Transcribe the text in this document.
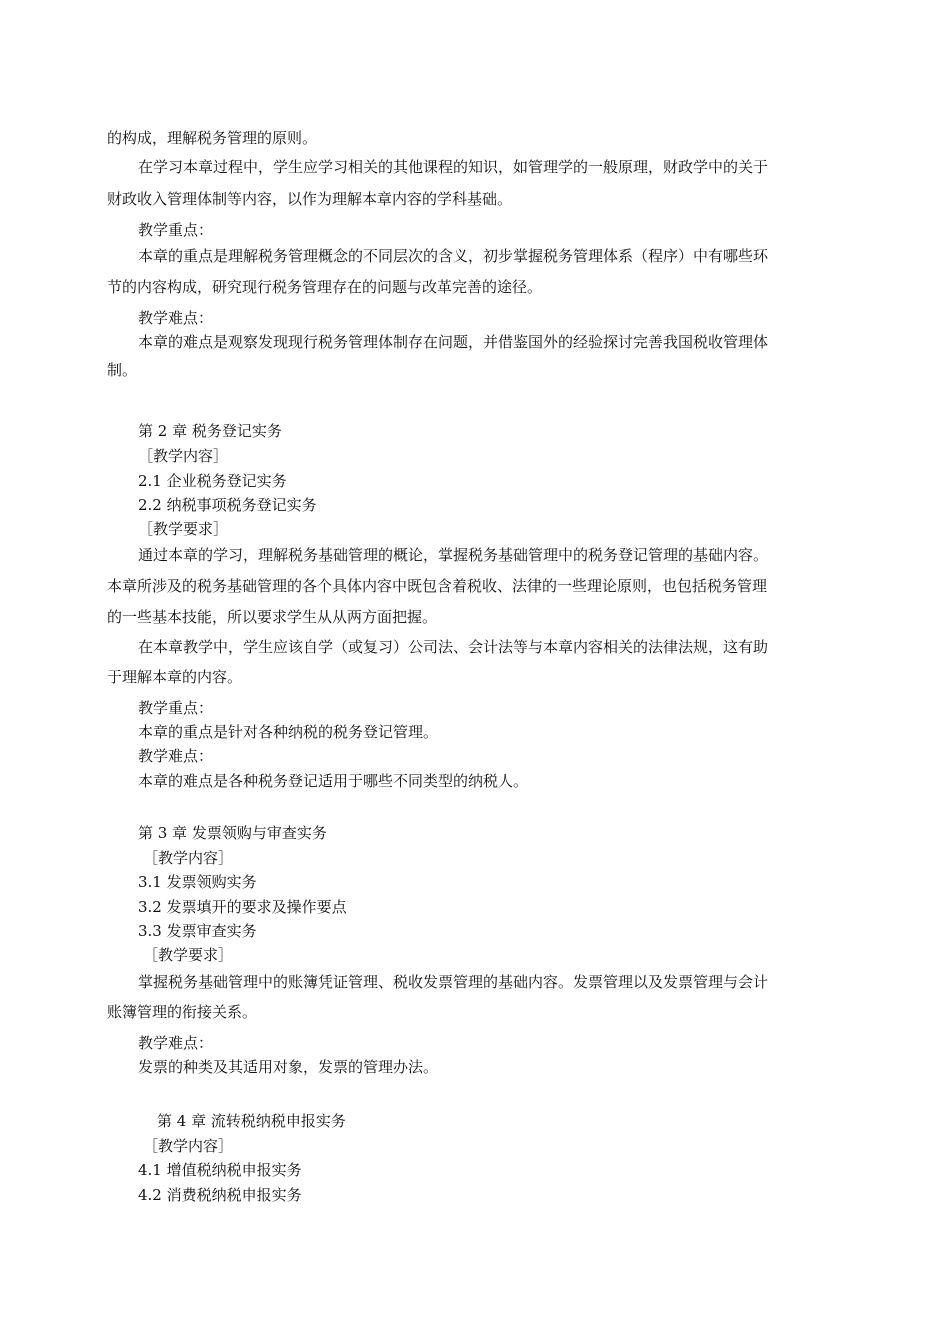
的构成，理解税务管理的原则。
在学习本章过程中，学生应学习相关的其他课程的知识，如管理学的一般原理，财政学中的关于
财政收入管理体制等内容，以作为理解本章内容的学科基础。
教学重点：
本章的重点是理解税务管理概念的不同层次的含义，初步掌握税务管理体系（程序）中有哪些环
节的内容构成，研究现行税务管理存在的问题与改革完善的途径。
教学难点：
本章的难点是观察发现现行税务管理体制存在问题，并借鉴国外的经验探讨完善我国税收管理体
制。
第 2 章 税务登记实务
［教学内容］
2.1 企业税务登记实务
2.2 纳税事项税务登记实务
［教学要求］
通过本章的学习，理解税务基础管理的概论，掌握税务基础管理中的税务登记管理的基础内容。
本章所涉及的税务基础管理的各个具体内容中既包含着税收、法律的一些理论原则，也包括税务管理
的一些基本技能，所以要求学生从从两方面把握。
在本章教学中，学生应该自学（或复习）公司法、会计法等与本章内容相关的法律法规，这有助
于理解本章的内容。
教学重点：
本章的重点是针对各种纳税的税务登记管理。
教学难点：
本章的难点是各种税务登记适用于哪些不同类型的纳税人。
第 3 章 发票领购与审查实务
［教学内容］
3.1 发票领购实务
3.2 发票填开的要求及操作要点
3.3 发票审查实务
［教学要求］
掌握税务基础管理中的账簿凭证管理、税收发票管理的基础内容。发票管理以及发票管理与会计
账簿管理的衔接关系。
教学难点：
发票的种类及其适用对象，发票的管理办法。
第 4 章 流转税纳税申报实务
［教学内容］
4.1 增值税纳税申报实务
4.2 消费税纳税申报实务
